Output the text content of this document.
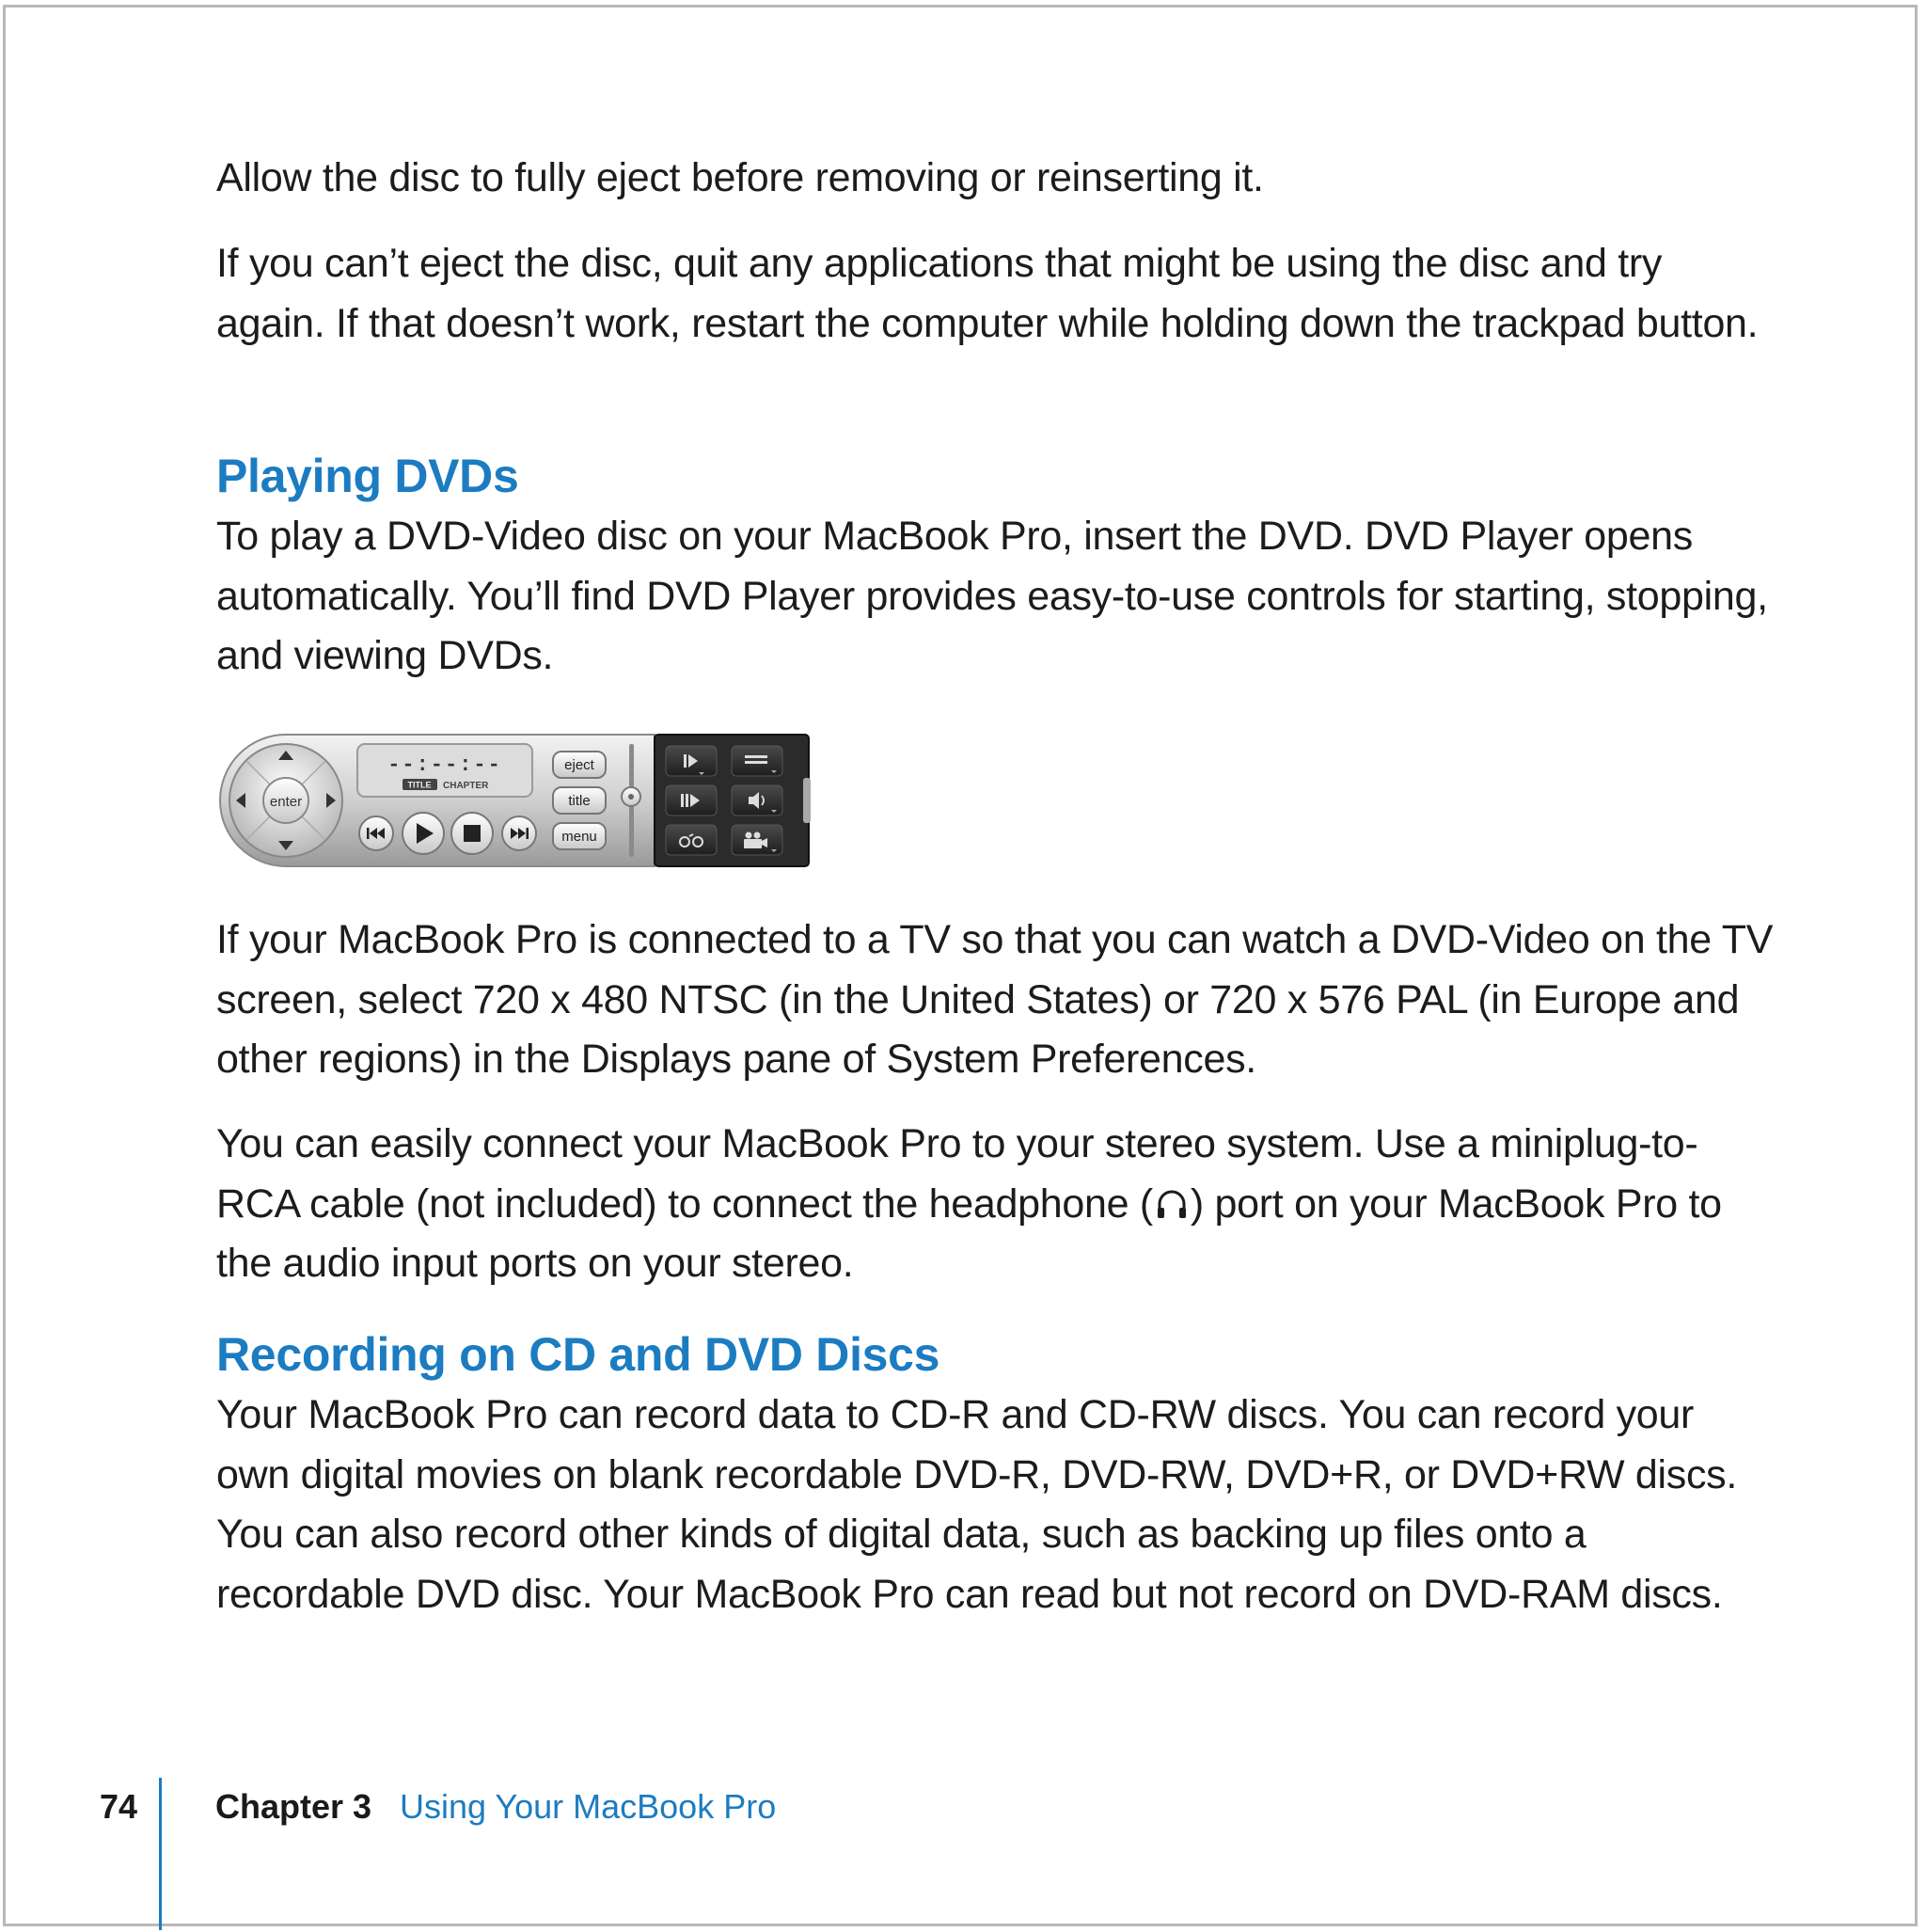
Allow the disc to fully eject before removing or reinserting it.

If you can’t eject the disc, quit any applications that might be using the disc and try again. If that doesn’t work, restart the computer while holding down the trackpad button.

Playing DVDs

To play a DVD-Video disc on your MacBook Pro, insert the DVD. DVD Player opens automatically. You’ll find DVD Player provides easy-to-use controls for starting, stopping, and viewing DVDs.

If your MacBook Pro is connected to a TV so that you can watch a DVD-Video on the TV screen, select 720 x 480 NTSC (in the United States) or 720 x 576 PAL (in Europe and other regions) in the Displays pane of System Preferences.

You can easily connect your MacBook Pro to your stereo system. Use a miniplug-to-RCA cable (not included) to connect the headphone ( ) port on your MacBook Pro to the audio input ports on your stereo.

Recording on CD and DVD Discs

Your MacBook Pro can record data to CD-R and CD-RW discs. You can record your own digital movies on blank recordable DVD-R, DVD-RW, DVD+R, or DVD+RW discs. You can also record other kinds of digital data, such as backing up files onto a recordable DVD disc. Your MacBook Pro can read but not record on DVD-RAM discs.

enter
--:--:--
TITLE CHAPTER
eject
title
menu
74 Chapter 3 Using Your MacBook Pro
